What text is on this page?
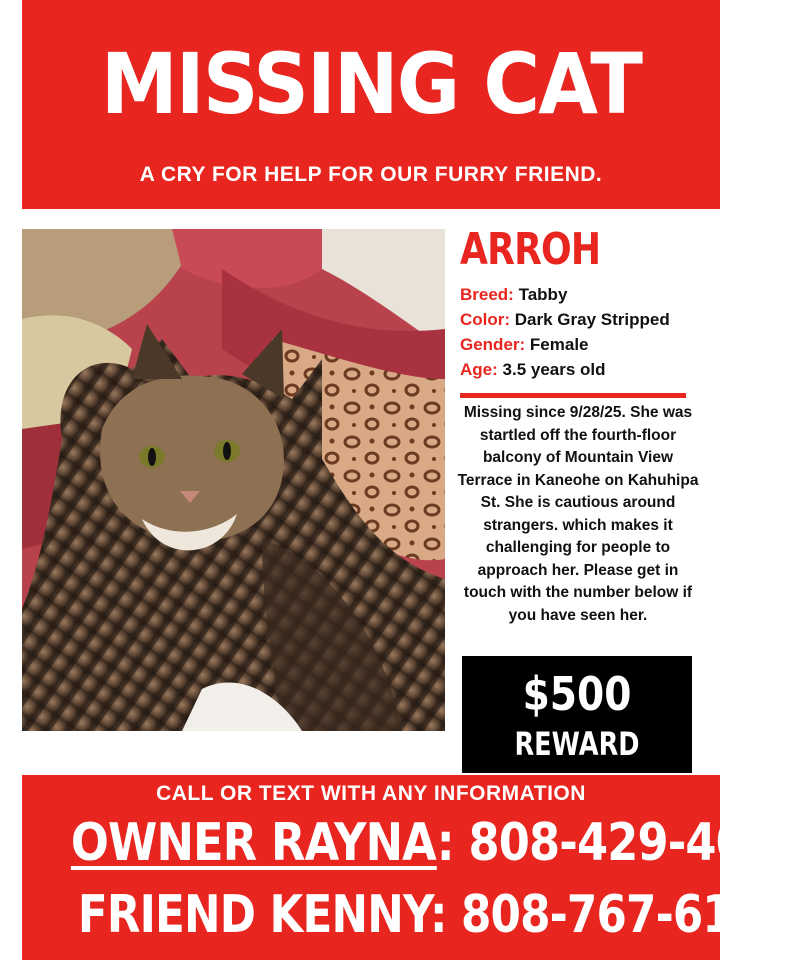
MISSING CAT
A CRY FOR HELP FOR OUR FURRY FRIEND.
ARROH
Breed: Tabby
Color: Dark Gray Stripped
Gender: Female
Age: 3.5 years old
Missing since 9/28/25. She was startled off the fourth-floor balcony of Mountain View Terrace in Kaneohe on Kahuhipa St. She is cautious around strangers. which makes it challenging for people to approach her. Please get in touch with the number below if you have seen her.
$500
REWARD
CALL OR TEXT WITH ANY INFORMATION
OWNER RAYNA: 808-429-4014
FRIEND KENNY: 808-767-6178
